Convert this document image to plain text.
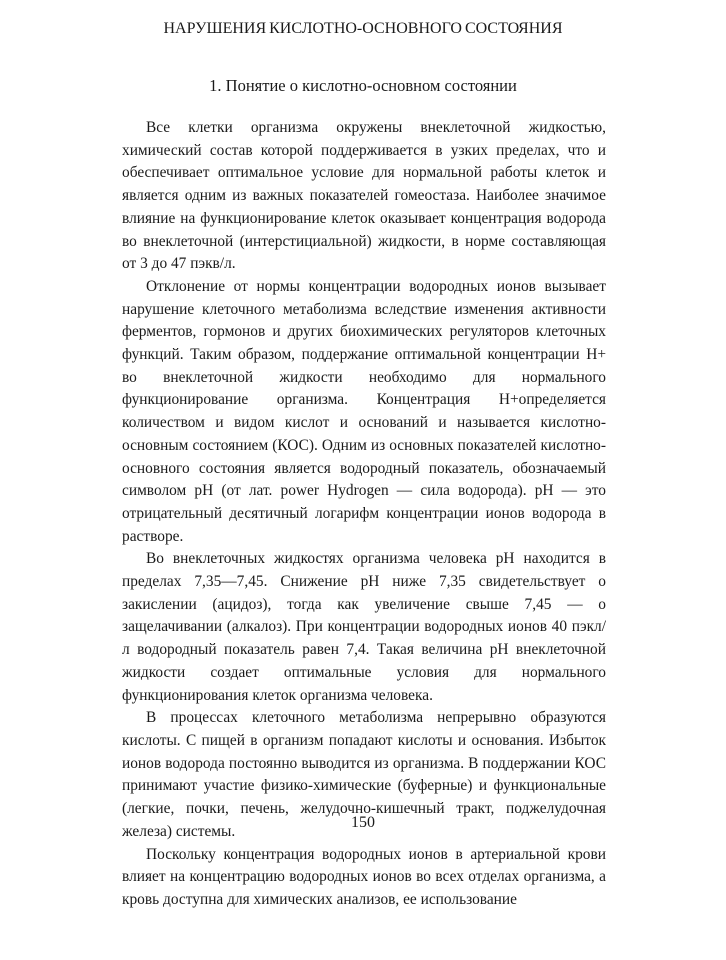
НАРУШЕНИЯ КИСЛОТНО-ОСНОВНОГО СОСТОЯНИЯ
1. Понятие о кислотно-основном состоянии

Все клетки организма окружены внеклеточной жидкостью, химический состав которой поддерживается в узких пределах, что и обеспечивает оптимальное условие для нормальной работы клеток и является одним из важных показателей гомеостаза. Наиболее значимое влияние на функционирование клеток оказывает концентрация водорода во внеклеточной (интерстициальной) жидкости, в норме составляющая от 3 до 47 пэкв/л.

Отклонение от нормы концентрации водородных ионов вызывает нарушение клеточного метаболизма вследствие изменения активности ферментов, гормонов и других биохимических регуляторов клеточных функций. Таким образом, поддержание оптимальной концентрации Н+ во внеклеточной жидкости необходимо для нормального функционирование организма. Концентрация Н+определяется количеством и видом кислот и оснований и называется кислотно-основным состоянием (КОС). Одним из основных показателей кислотно-основного состояния является водородный показатель, обозначаемый символом рН (от лат. power Hydrogen — сила водорода). рН — это отрицательный десятичный логарифм концентрации ионов водорода в растворе.

Во внеклеточных жидкостях организма человека рН находится в пределах 7,35—7,45. Снижение рН ниже 7,35 свидетельствует о закислении (ацидоз), тогда как увеличение свыше 7,45 — о защелачивании (алкалоз). При концентрации водородных ионов 40 пэкл/л водородный показатель равен 7,4. Такая величина рН внеклеточной жидкости создает оптимальные условия для нормального функционирования клеток организма человека.

В процессах клеточного метаболизма непрерывно образуются кислоты. С пищей в организм попадают кислоты и основания. Избыток ионов водорода постоянно выводится из организма. В поддержании КОС принимают участие физико-химические (буферные) и функциональные (легкие, почки, печень, желудочно-кишечный тракт, поджелудочная железа) системы.

Поскольку концентрация водородных ионов в артериальной крови влияет на концентрацию водородных ионов во всех отделах организма, а кровь доступна для химических анализов, ее использование

150
